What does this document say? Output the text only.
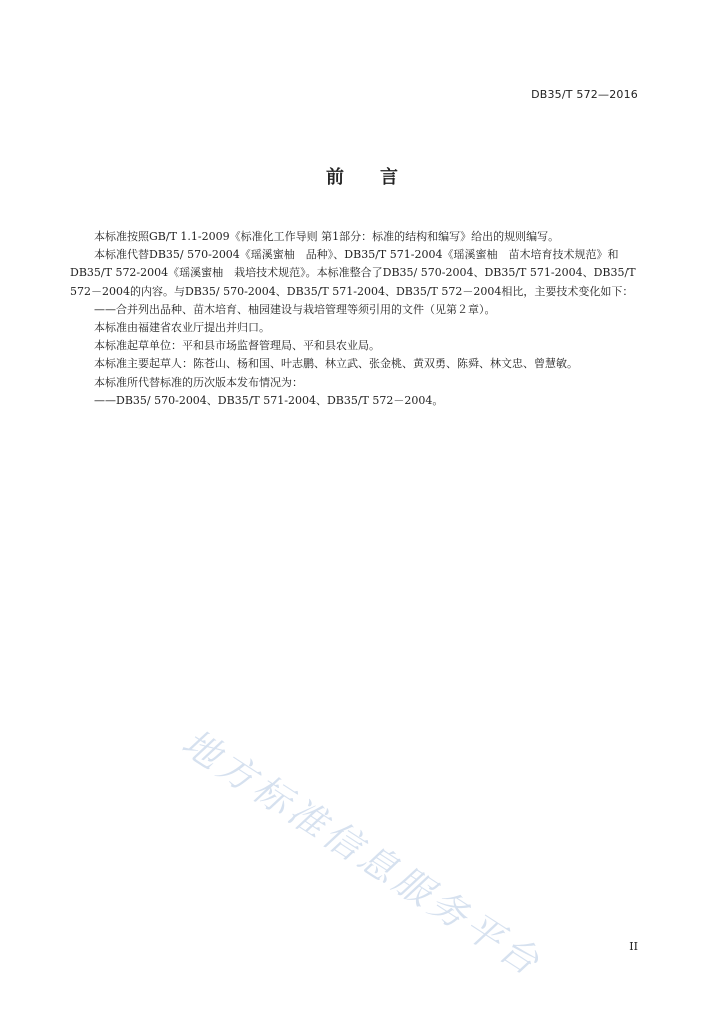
DB35/T 572—2016
前　　言

本标准按照GB/T 1.1-2009《标准化工作导则 第1部分：标准的结构和编写》给出的规则编写。

本标准代替DB35/ 570-2004《瑶溪蜜柚　品种》、DB35/T 571-2004《瑶溪蜜柚　苗木培育技术规范》和DB35/T 572-2004《瑶溪蜜柚　栽培技术规范》。本标准整合了DB35/ 570-2004、DB35/T 571-2004、DB35/T 572－2004的内容。与DB35/ 570-2004、DB35/T 571-2004、DB35/T 572－2004相比，主要技术变化如下：

——合并列出品种、苗木培育、柚园建设与栽培管理等须引用的文件（见第２章）。

本标准由福建省农业厅提出并归口。

本标准起草单位：平和县市场监督管理局、平和县农业局。

本标准主要起草人：陈苍山、杨和国、叶志鹏、林立武、张金桃、黄双勇、陈舜、林文忠、曾慧敏。

本标准所代替标准的历次版本发布情况为：

——DB35/ 570-2004、DB35/T 571-2004、DB35/T 572－2004。

地方标准信息服务平台	II
